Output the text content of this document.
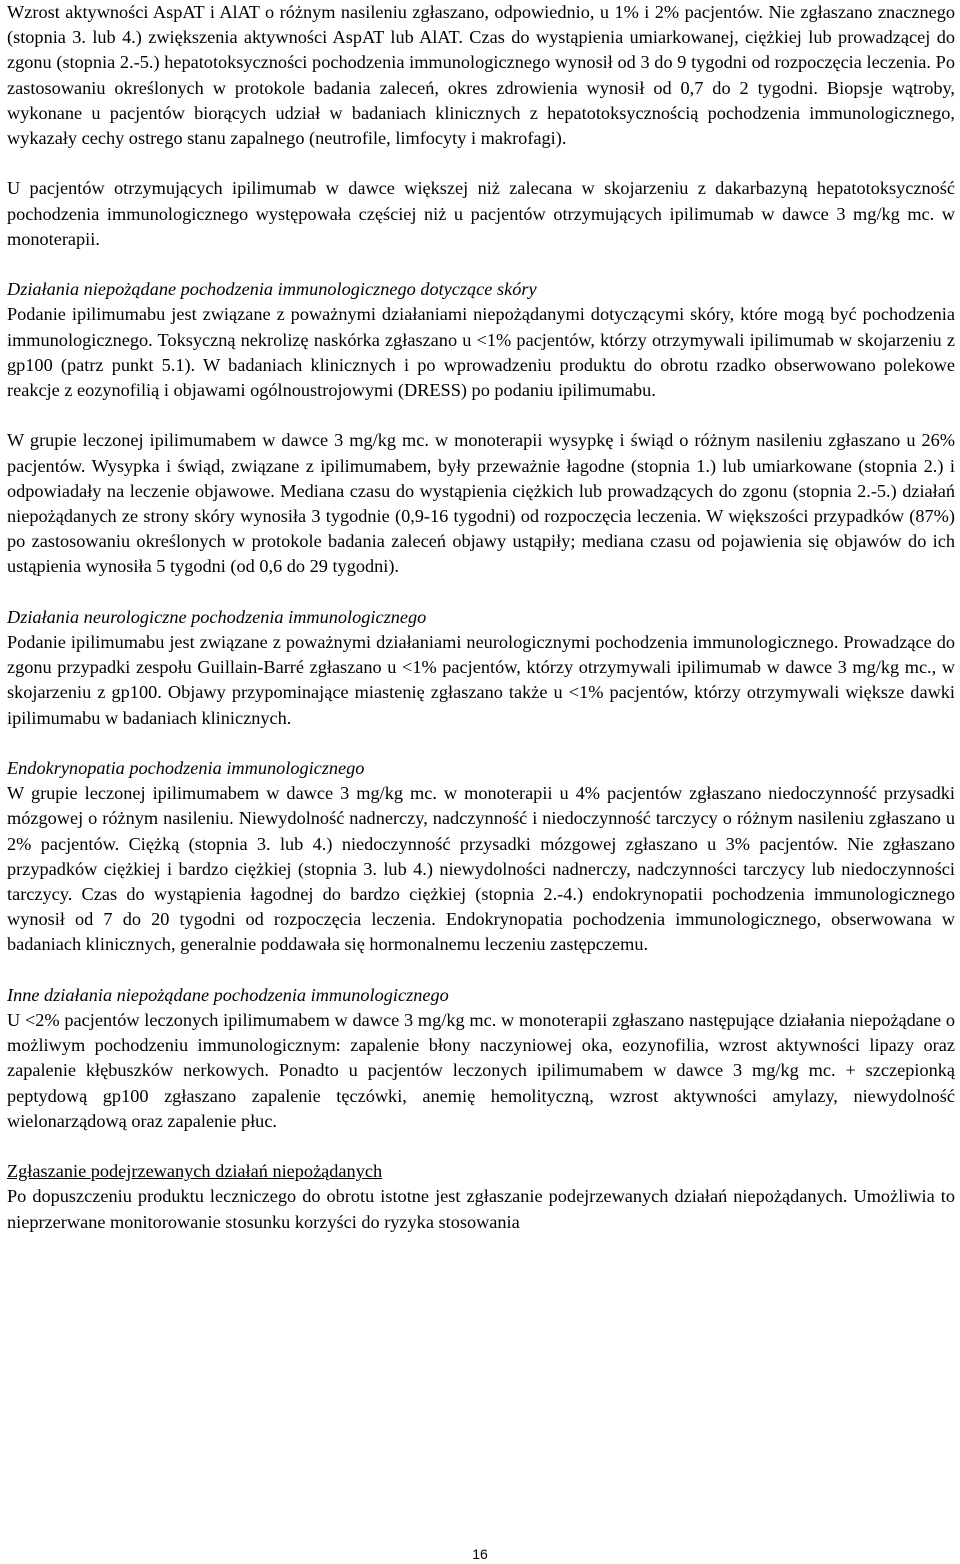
Wzrost aktywności AspAT i AlAT o różnym nasileniu zgłaszano, odpowiednio, u 1% i 2% pacjentów. Nie zgłaszano znacznego (stopnia 3. lub 4.) zwiększenia aktywności AspAT lub AlAT. Czas do wystąpienia umiarkowanej, ciężkiej lub prowadzącej do zgonu (stopnia 2.-5.) hepatotoksyczności pochodzenia immunologicznego wynosił od 3 do 9 tygodni od rozpoczęcia leczenia. Po zastosowaniu określonych w protokole badania zaleceń, okres zdrowienia wynosił od 0,7 do 2 tygodni. Biopsje wątroby, wykonane u pacjentów biorących udział w badaniach klinicznych z hepatotoksycznością pochodzenia immunologicznego, wykazały cechy ostrego stanu zapalnego (neutrofile, limfocyty i makrofagi).

U pacjentów otrzymujących ipilimumab w dawce większej niż zalecana w skojarzeniu z dakarbazyną hepatotoksyczność pochodzenia immunologicznego występowała częściej niż u pacjentów otrzymujących ipilimumab w dawce 3 mg/kg mc. w monoterapii.

Działania niepożądane pochodzenia immunologicznego dotyczące skóry

Podanie ipilimumabu jest związane z poważnymi działaniami niepożądanymi dotyczącymi skóry, które mogą być pochodzenia immunologicznego. Toksyczną nekrolizę naskórka zgłaszano u <1% pacjentów, którzy otrzymywali ipilimumab w skojarzeniu z gp100 (patrz punkt 5.1). W badaniach klinicznych i po wprowadzeniu produktu do obrotu rzadko obserwowano polekowe reakcje z eozynofilią i objawami ogólnoustrojowymi (DRESS) po podaniu ipilimumabu.

W grupie leczonej ipilimumabem w dawce 3 mg/kg mc. w monoterapii wysypkę i świąd o różnym nasileniu zgłaszano u 26% pacjentów. Wysypka i świąd, związane z ipilimumabem, były przeważnie łagodne (stopnia 1.) lub umiarkowane (stopnia 2.) i odpowiadały na leczenie objawowe. Mediana czasu do wystąpienia ciężkich lub prowadzących do zgonu (stopnia 2.-5.) działań niepożądanych ze strony skóry wynosiła 3 tygodnie (0,9-16 tygodni) od rozpoczęcia leczenia. W większości przypadków (87%) po zastosowaniu określonych w protokole badania zaleceń objawy ustąpiły; mediana czasu od pojawienia się objawów do ich ustąpienia wynosiła 5 tygodni (od 0,6 do 29 tygodni).

Działania neurologiczne pochodzenia immunologicznego

Podanie ipilimumabu jest związane z poważnymi działaniami neurologicznymi pochodzenia immunologicznego. Prowadzące do zgonu przypadki zespołu Guillain-Barré zgłaszano u <1% pacjentów, którzy otrzymywali ipilimumab w dawce 3 mg/kg mc., w skojarzeniu z gp100. Objawy przypominające miastenię zgłaszano także u <1% pacjentów, którzy otrzymywali większe dawki ipilimumabu w badaniach klinicznych.

Endokrynopatia pochodzenia immunologicznego

W grupie leczonej ipilimumabem w dawce 3 mg/kg mc. w monoterapii u 4% pacjentów zgłaszano niedoczynność przysadki mózgowej o różnym nasileniu. Niewydolność nadnerczy, nadczynność i niedoczynność tarczycy o różnym nasileniu zgłaszano u 2% pacjentów. Ciężką (stopnia 3. lub 4.) niedoczynność przysadki mózgowej zgłaszano u 3% pacjentów. Nie zgłaszano przypadków ciężkiej i bardzo ciężkiej (stopnia 3. lub 4.) niewydolności nadnerczy, nadczynności tarczycy lub niedoczynności tarczycy. Czas do wystąpienia łagodnej do bardzo ciężkiej (stopnia 2.-4.) endokrynopatii pochodzenia immunologicznego wynosił od 7 do 20 tygodni od rozpoczęcia leczenia. Endokrynopatia pochodzenia immunologicznego, obserwowana w badaniach klinicznych, generalnie poddawała się hormonalnemu leczeniu zastępczemu.

Inne działania niepożądane pochodzenia immunologicznego

U <2% pacjentów leczonych ipilimumabem w dawce 3 mg/kg mc. w monoterapii zgłaszano następujące działania niepożądane o możliwym pochodzeniu immunologicznym: zapalenie błony naczyniowej oka, eozynofilia, wzrost aktywności lipazy oraz zapalenie kłębuszków nerkowych. Ponadto u pacjentów leczonych ipilimumabem w dawce 3 mg/kg mc. + szczepionką peptydową gp100 zgłaszano zapalenie tęczówki, anemię hemolityczną, wzrost aktywności amylazy, niewydolność wielonarządową oraz zapalenie płuc.

Zgłaszanie podejrzewanych działań niepożądanych

Po dopuszczeniu produktu leczniczego do obrotu istotne jest zgłaszanie podejrzewanych działań niepożądanych. Umożliwia to nieprzerwane monitorowanie stosunku korzyści do ryzyka stosowania

16
